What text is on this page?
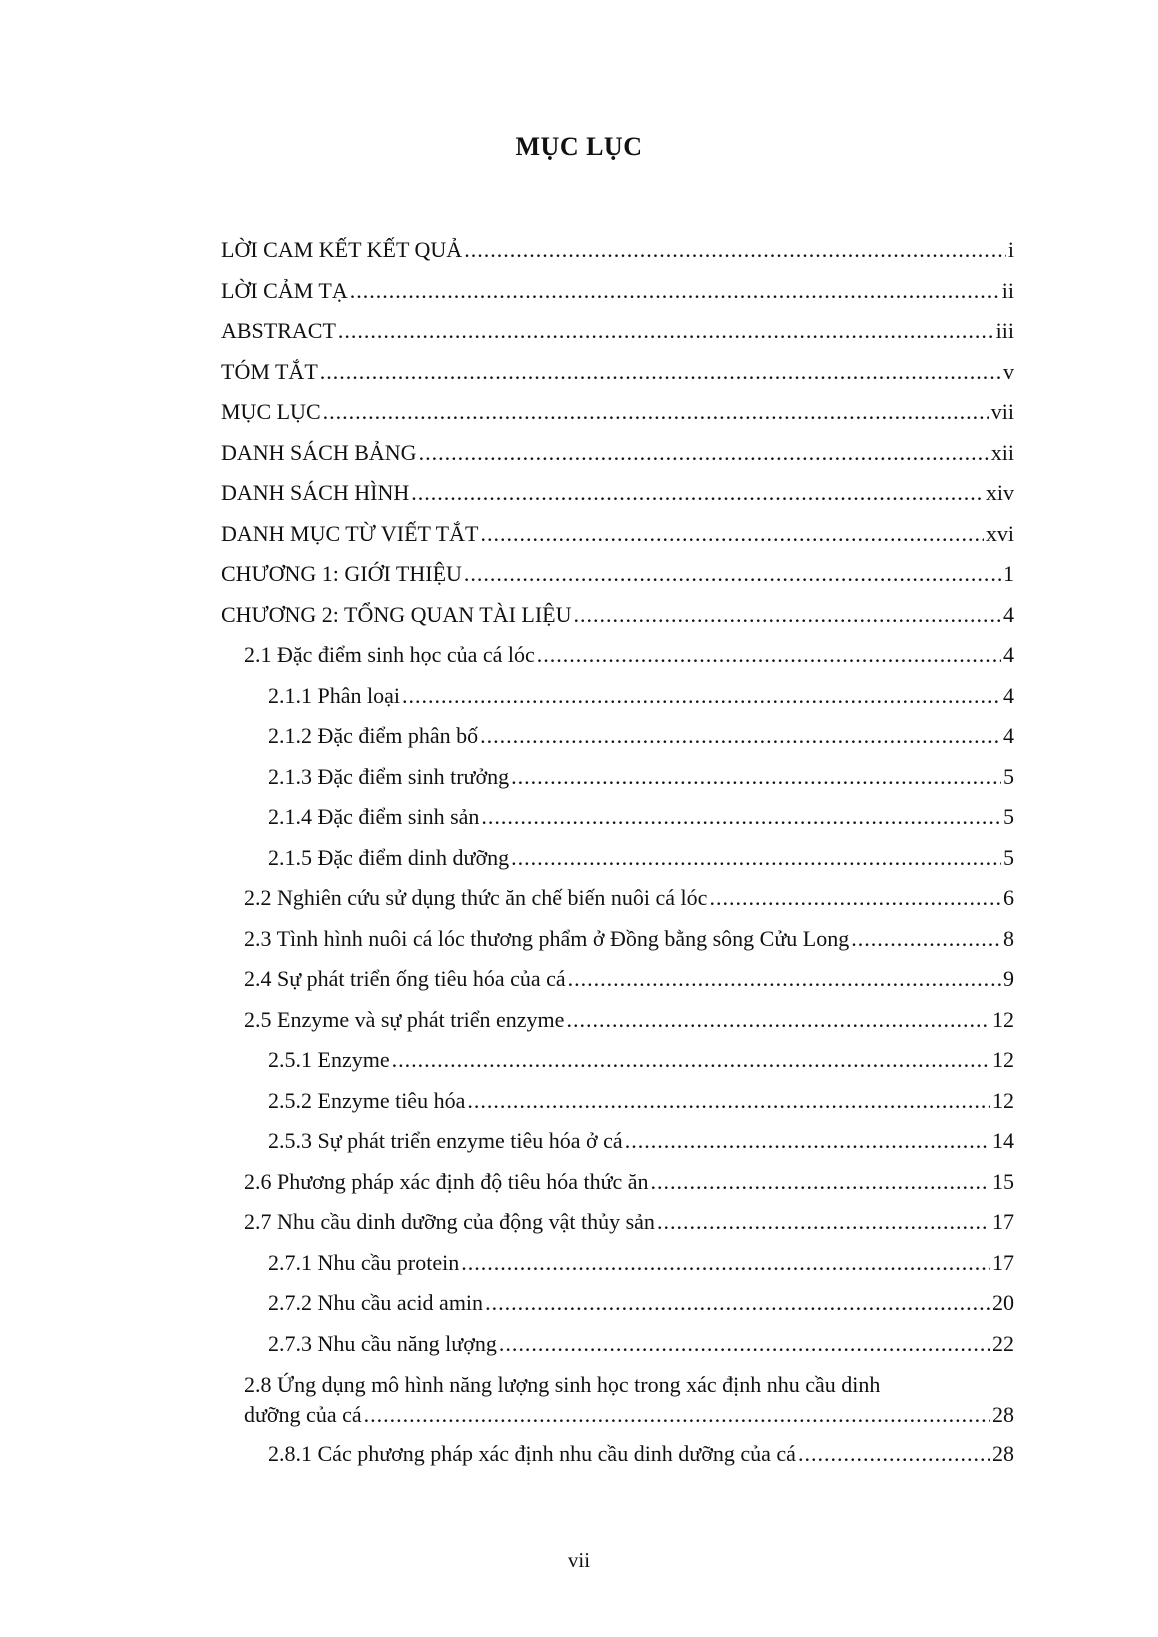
MỤC LỤC
LỜI CAM KẾT KẾT QUẢ .....	i
LỜI CẢM TẠ .....	ii
ABSTRACT .....	iii
TÓM TẮT .....	v
MỤC LỤC .....	vii
DANH SÁCH BẢNG .....	xii
DANH SÁCH HÌNH .....	xiv
DANH MỤC TỪ VIẾT TẮT .....	xvi
CHƯƠNG 1: GIỚI THIỆU .....	1
CHƯƠNG 2: TỔNG QUAN TÀI LIỆU .....	4
2.1 Đặc điểm sinh học của cá lóc .....	4
2.1.1 Phân loại .....	4
2.1.2 Đặc điểm phân bố .....	4
2.1.3 Đặc điểm sinh trưởng .....	5
2.1.4 Đặc điểm sinh sản .....	5
2.1.5 Đặc điểm dinh dưỡng .....	5
2.2 Nghiên cứu sử dụng thức ăn chế biến nuôi cá lóc .....	6
2.3 Tình hình nuôi cá lóc thương phẩm ở Đồng bằng sông Cửu Long .....	8
2.4 Sự phát triển ống tiêu hóa của cá .....	9
2.5 Enzyme và sự phát triển enzyme .....	12
2.5.1 Enzyme .....	12
2.5.2 Enzyme tiêu hóa .....	12
2.5.3 Sự phát triển enzyme tiêu hóa ở cá .....	14
2.6 Phương pháp xác định độ tiêu hóa thức ăn .....	15
2.7 Nhu cầu dinh dưỡng của động vật thủy sản .....	17
2.7.1 Nhu cầu protein .....	17
2.7.2 Nhu cầu acid amin .....	20
2.7.3 Nhu cầu năng lượng .....	22
2.8 Ứng dụng mô hình năng lượng sinh học trong xác định nhu cầu dinh
dưỡng của cá .....	28
2.8.1 Các phương pháp xác định nhu cầu dinh dưỡng của cá .....	28
vii
